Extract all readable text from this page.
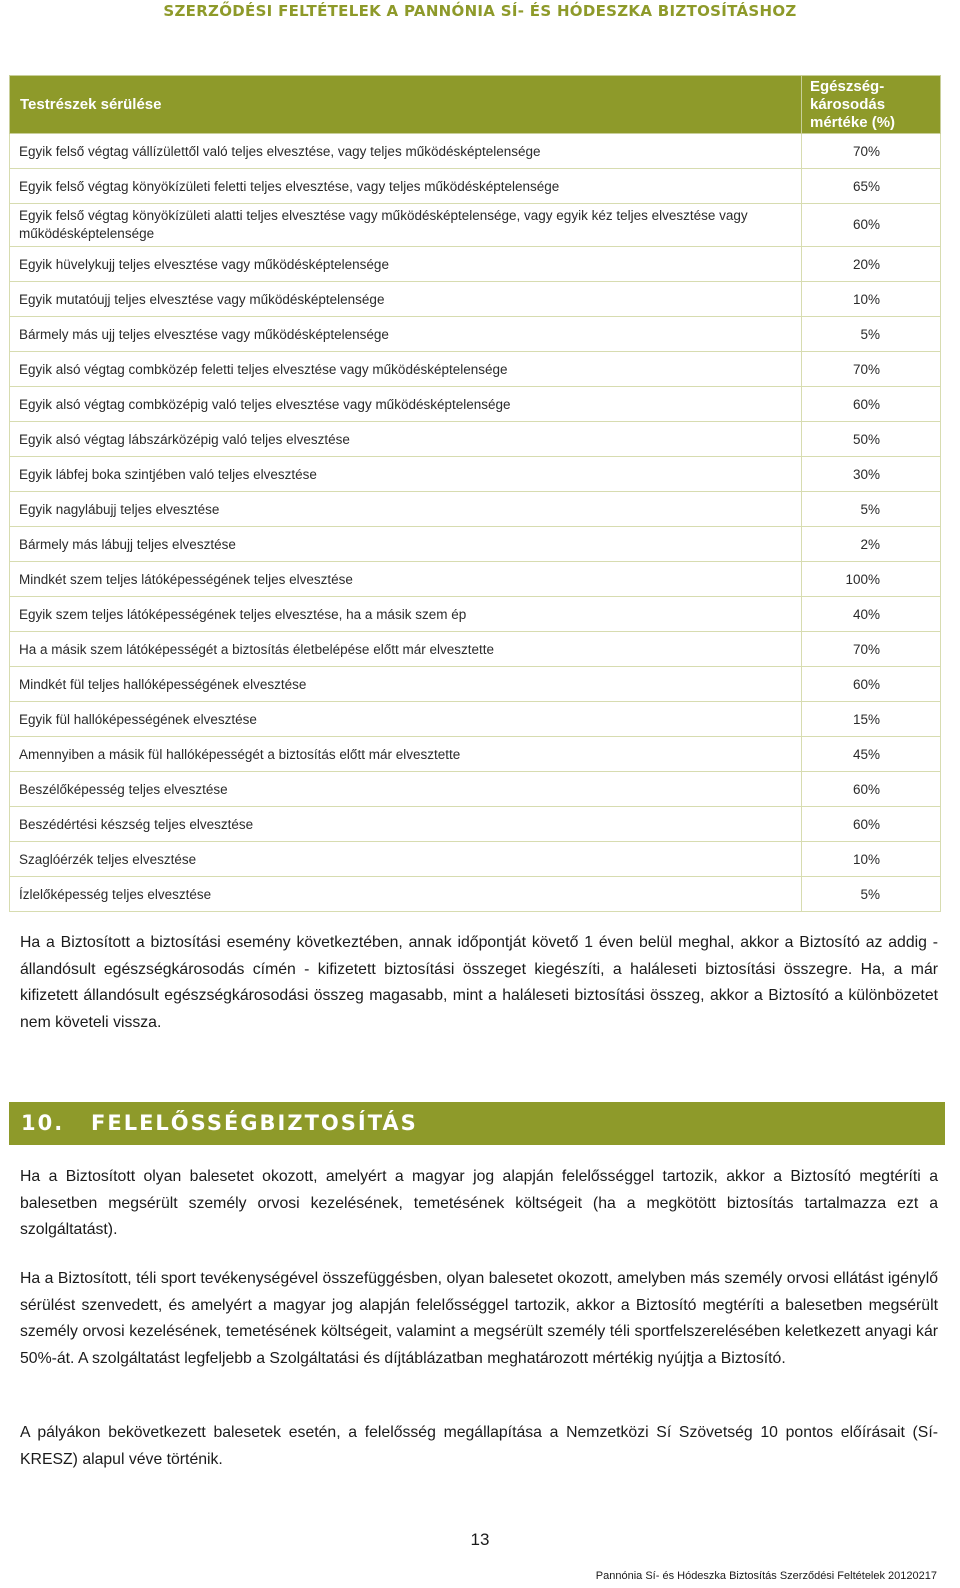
SZERZŐDÉSI FELTÉTELEK A PANNÓNIA SÍ- ÉS HÓDESZKA BIZTOSÍTÁSHOZ
Testrészek sérülése	Egészség-károsodás mértéke (%)
Egyik felső végtag vállízülettől való teljes elvesztése, vagy teljes működésképtelensége	70%
Egyik felső végtag könyökízületi feletti teljes elvesztése, vagy teljes működésképtelensége	65%
Egyik felső végtag könyökízületi alatti teljes elvesztése vagy működésképtelensége, vagy egyik kéz teljes elvesztése vagy működésképtelensége	60%
Egyik hüvelykujj teljes elvesztése vagy működésképtelensége	20%
Egyik mutatóujj teljes elvesztése vagy működésképtelensége	10%
Bármely más ujj teljes elvesztése vagy működésképtelensége	5%
Egyik alsó végtag combközép feletti teljes elvesztése vagy működésképtelensége	70%
Egyik alsó végtag combközépig való teljes elvesztése vagy működésképtelensége	60%
Egyik alsó végtag lábszárközépig való teljes elvesztése	50%
Egyik lábfej boka szintjében való teljes elvesztése	30%
Egyik nagylábujj teljes elvesztése	5%
Bármely más lábujj teljes elvesztése	2%
Mindkét szem teljes látóképességének teljes elvesztése	100%
Egyik szem teljes látóképességének teljes elvesztése, ha a másik szem ép	40%
Ha a másik szem látóképességét a biztosítás életbelépése előtt már elvesztette	70%
Mindkét fül teljes hallóképességének elvesztése	60%
Egyik fül hallóképességének elvesztése	15%
Amennyiben a másik fül hallóképességét a biztosítás előtt már elvesztette	45%
Beszélőképesség teljes elvesztése	60%
Beszédértési készség teljes elvesztése	60%
Szaglóérzék teljes elvesztése	10%
Ízlelőképesség teljes elvesztése	5%
Ha a Biztosított a biztosítási esemény következtében, annak időpontját követő 1 éven belül meghal, akkor a Biztosító az addig - állandósult egészségkárosodás címén - kifizetett biztosítási összeget kiegészíti, a haláleseti biztosítási összegre. Ha, a már kifizetett állandósult egészségkárosodási összeg magasabb, mint a haláleseti biztosítási összeg, akkor a Biztosító a különbözetet nem követeli vissza.
10. FELELŐSSÉGBIZTOSÍTÁS
Ha a Biztosított olyan balesetet okozott, amelyért a magyar jog alapján felelősséggel tartozik, akkor a Biztosító megtéríti a balesetben megsérült személy orvosi kezelésének, temetésének költségeit (ha a megkötött biztosítás tartalmazza ezt a szolgáltatást).
Ha a Biztosított, téli sport tevékenységével összefüggésben, olyan balesetet okozott, amelyben más személy orvosi ellátást igénylő sérülést szenvedett, és amelyért a magyar jog alapján felelősséggel tartozik, akkor a Biztosító megtéríti a balesetben megsérült személy orvosi kezelésének, temetésének költségeit, valamint a megsérült személy téli sportfelszerelésében keletkezett anyagi kár 50%-át. A szolgáltatást legfeljebb a Szolgáltatási és díjtáblázatban meghatározott mértékig nyújtja a Biztosító.
A pályákon bekövetkezett balesetek esetén, a felelősség megállapítása a Nemzetközi Sí Szövetség 10 pontos előírásait (Sí-KRESZ) alapul véve történik.
13
Pannónia Sí- és Hódeszka Biztosítás Szerződési Feltételek 20120217
